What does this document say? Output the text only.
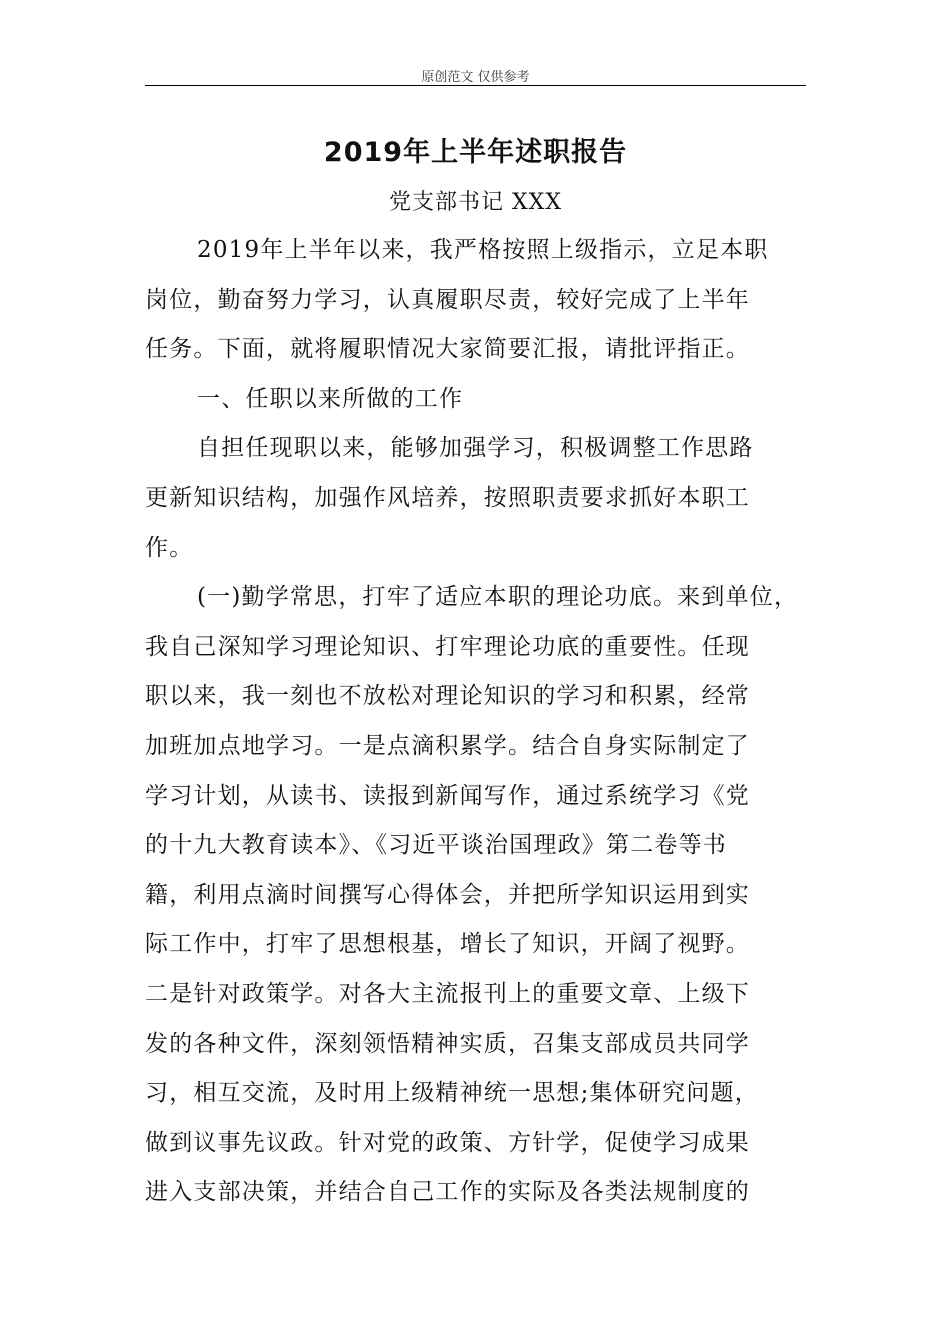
原创范文 仅供参考
2019年上半年述职报告
党支部书记 XXX
2019年上半年以来，我严格按照上级指示，立足本职
岗位，勤奋努力学习，认真履职尽责，较好完成了上半年
任务。下面，就将履职情况大家简要汇报，请批评指正。
一、任职以来所做的工作
自担任现职以来，能够加强学习，积极调整工作思路
更新知识结构，加强作风培养，按照职责要求抓好本职工
作。
(一)勤学常思，打牢了适应本职的理论功底。来到单位，
我自己深知学习理论知识、打牢理论功底的重要性。任现
职以来，我一刻也不放松对理论知识的学习和积累，经常
加班加点地学习。一是点滴积累学。结合自身实际制定了
学习计划，从读书、读报到新闻写作，通过系统学习《党
的十九大教育读本》、《习近平谈治国理政》第二卷等书
籍，利用点滴时间撰写心得体会，并把所学知识运用到实
际工作中，打牢了思想根基，增长了知识，开阔了视野。
二是针对政策学。对各大主流报刊上的重要文章、上级下
发的各种文件，深刻领悟精神实质，召集支部成员共同学
习，相互交流，及时用上级精神统一思想;集体研究问题，
做到议事先议政。针对党的政策、方针学，促使学习成果
进入支部决策，并结合自己工作的实际及各类法规制度的
